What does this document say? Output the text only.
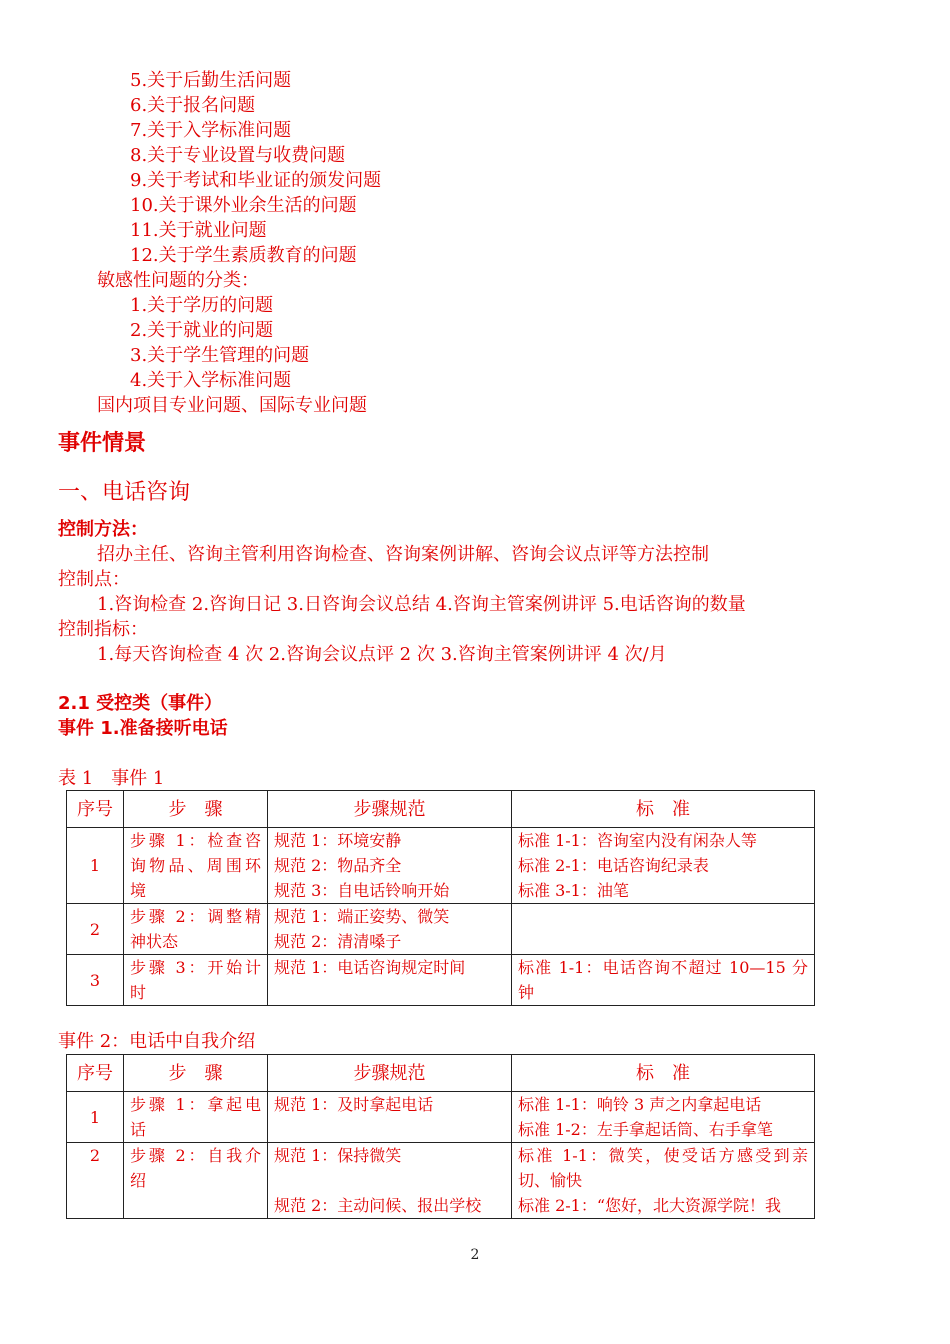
5.关于后勤生活问题
6.关于报名问题
7.关于入学标准问题
8.关于专业设置与收费问题
9.关于考试和毕业证的颁发问题
10.关于课外业余生活的问题
11.关于就业问题
12.关于学生素质教育的问题
敏感性问题的分类：
1.关于学历的问题
2.关于就业的问题
3.关于学生管理的问题
4.关于入学标准问题
国内项目专业问题、国际专业问题
事件情景
一、电话咨询
控制方法：
招办主任、咨询主管利用咨询检查、咨询案例讲解、咨询会议点评等方法控制
控制点：
1.咨询检查 2.咨询日记 3.日咨询会议总结 4.咨询主管案例讲评 5.电话咨询的数量
控制指标：
1.每天咨询检查 4 次 2.咨询会议点评 2 次 3.咨询主管案例讲评 4 次/月
2.1 受控类（事件）
事件 1.准备接听电话
表 1　事件 1
序号	步　骤	步骤规范	标　准
1	步骤 1：检查咨
询物品、周围环
境	规范 1：环境安静
规范 2：物品齐全
规范 3：自电话铃响开始	标准 1-1：咨询室内没有闲杂人等
标准 2-1：电话咨询纪录表
标准 3-1：油笔

2	步骤 2：调整精
神状态	规范 1：端正姿势、微笑
规范 2：清清嗓子	

3	步骤 3：开始计
时	规范 1：电话咨询规定时间	标准 1-1：电话咨询不超过 10—15 分
钟
事件 2：电话中自我介绍
序号	步　骤	步骤规范	标　准
1	步骤 1：拿起电
话	规范 1：及时拿起电话	标准 1-1：响铃 3 声之内拿起电话
标准 1-2：左手拿起话筒、右手拿笔

2	步骤 2：自我介
绍	规范 1：保持微笑

规范 2：主动问候、报出学校	标准 1-1：微笑，使受话方感受到亲
切、愉快
标准 2-1：“您好，北大资源学院！我
2
